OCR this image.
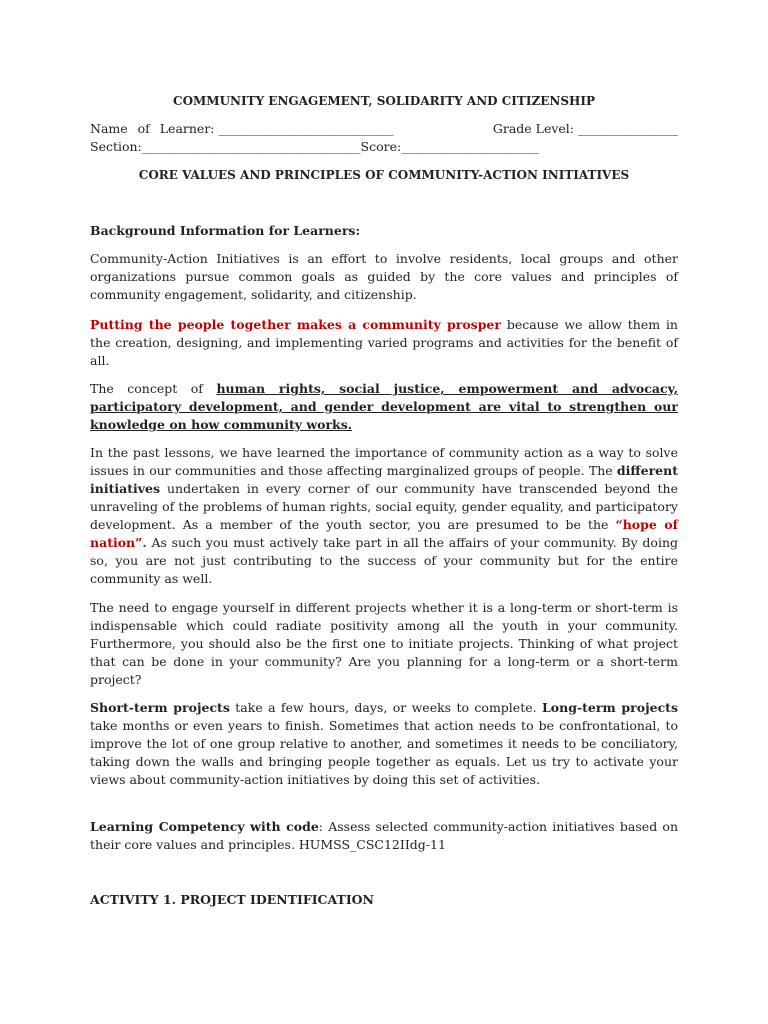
COMMUNITY ENGAGEMENT, SOLIDARITY AND CITIZENSHIP
Name of Learner: ____________________________	Grade Level: ________________
Section: ___________________________________ Score: ______________________
CORE VALUES AND PRINCIPLES OF COMMUNITY-ACTION INITIATIVES
Background Information for Learners:

Community-Action Initiatives is an effort to involve residents, local groups and other organizations pursue common goals as guided by the core values and principles of community engagement, solidarity, and citizenship.

Putting the people together makes a community prosper because we allow them in the creation, designing, and implementing varied programs and activities for the benefit of all.

The concept of human rights, social justice, empowerment and advocacy, participatory development, and gender development are vital to strengthen our knowledge on how community works.

In the past lessons, we have learned the importance of community action as a way to solve issues in our communities and those affecting marginalized groups of people. The different initiatives undertaken in every corner of our community have transcended beyond the unraveling of the problems of human rights, social equity, gender equality, and participatory development. As a member of the youth sector, you are presumed to be the “hope of nation”. As such you must actively take part in all the affairs of your community. By doing so, you are not just contributing to the success of your community but for the entire community as well.

The need to engage yourself in different projects whether it is a long-term or short-term is indispensable which could radiate positivity among all the youth in your community. Furthermore, you should also be the first one to initiate projects. Thinking of what project that can be done in your community? Are you planning for a long-term or a short-term project?

Short-term projects take a few hours, days, or weeks to complete. Long-term projects take months or even years to finish. Sometimes that action needs to be confrontational, to improve the lot of one group relative to another, and sometimes it needs to be conciliatory, taking down the walls and bringing people together as equals. Let us try to activate your views about community-action initiatives by doing this set of activities.

Learning Competency with code: Assess selected community-action initiatives based on their core values and principles. HUMSS_CSC12IIdg-11

ACTIVITY 1. PROJECT IDENTIFICATION
